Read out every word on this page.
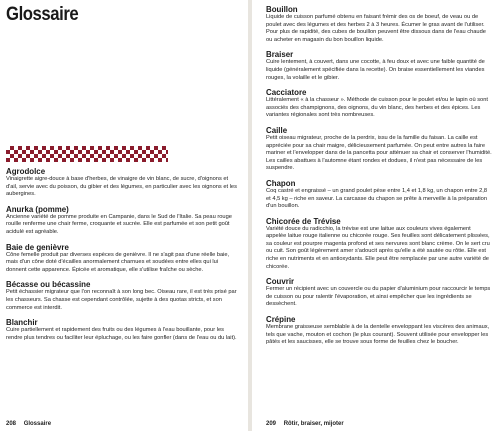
Glossaire
Agrodolce
Vinaigrette aigre-douce à base d'herbes, de vinaigre de vin blanc, de sucre, d'oignons et d'ail, servie avec du poisson, du gibier et des légumes, en particulier avec les oignons et les aubergines.
Anurka (pomme)
Ancienne variété de pomme produite en Campanie, dans le Sud de l'Italie. Sa peau rouge rouille renferme une chair ferme, croquante et sucrée. Elle est parfumée et son petit goût acidulé est agréable.
Baie de genièvre
Cône femelle produit par diverses espèces de genièvre. Il ne s'agit pas d'une réelle baie, mais d'un cône doté d'écailles anormalement charnues et soudées entre elles qui lui donnent cette apparence. Épicée et aromatique, elle s'utilise fraîche ou sèche.
Bécasse ou bécassine
Petit échassier migrateur que l'on reconnaît à son long bec. Oiseau rare, il est très prisé par les chasseurs. Sa chasse est cependant contrôlée, sujette à des quotas stricts, et son commerce est interdit.
Blanchir
Cuire partiellement et rapidement des fruits ou des légumes à l'eau bouillante, pour les rendre plus tendres ou faciliter leur épluchage, ou les faire gonfler (dans de l'eau ou du lait).
208 Glossaire
Bouillon
Liquide de cuisson parfumé obtenu en faisant frémir des os de boeuf, de veau ou de poulet avec des légumes et des herbes 2 à 3 heures. Écumer le gras avant de l'utiliser. Pour plus de rapidité, des cubes de bouillon peuvent être dissous dans de l'eau chaude ou acheter en magasin du bon bouillon liquide.
Braiser
Cuire lentement, à couvert, dans une cocotte, à feu doux et avec une faible quantité de liquide (généralement spécifiée dans la recette). On braise essentiellement les viandes rouges, la volaille et le gibier.
Cacciatore
Littéralement « à la chasseur ». Méthode de cuisson pour le poulet et/ou le lapin où sont associés des champignons, des oignons, du vin blanc, des herbes et des épices. Les variantes régionales sont très nombreuses.
Caille
Petit oiseau migrateur, proche de la perdrix, issu de la famille du faisan. La caille est appréciée pour sa chair maigre, délicieusement parfumée. On peut entre autres la faire mariner et l'envelopper dans de la pancetta pour atténuer sa chair et conserver l'humidité. Les cailles abattues à l'automne étant rondes et dodues, il n'est pas nécessaire de les suspendre.
Chapon
Coq castré et engraissé – un grand poulet pèse entre 1,4 et 1,8 kg, un chapon entre 2,8 et 4,5 kg – riche en saveur. La carcasse du chapon se prête à merveille à la préparation d'un bouillon.
Chicorée de Trévise
Variété douce du radicchio, la trévise est une laitue aux couleurs vives également appelée laitue rouge italienne ou chicorée rouge. Ses feuilles sont délicatement plissées, sa couleur est pourpre magenta profond et ses nervures sont blanc crème. On le sert cru ou cuit. Son goût légèrement amer s'adoucit après qu'elle a été sautée ou rôtie. Elle est riche en nutriments et en antioxydants. Elle peut être remplacée par une autre variété de chicorée.
Couvrir
Fermer un récipient avec un couvercle ou du papier d'aluminium pour raccourcir le temps de cuisson ou pour ralentir l'évaporation, et ainsi empêcher que les ingrédients se dessèchent.
Crépine
Membrane graisseuse semblable à de la dentelle enveloppant les viscères des animaux, tels que vache, mouton et cochon (le plus courant). Souvent utilisée pour envelopper les pâtés et les saucisses, elle se trouve sous forme de feuilles chez le boucher.
209 Rôtir, braiser, mijoter
